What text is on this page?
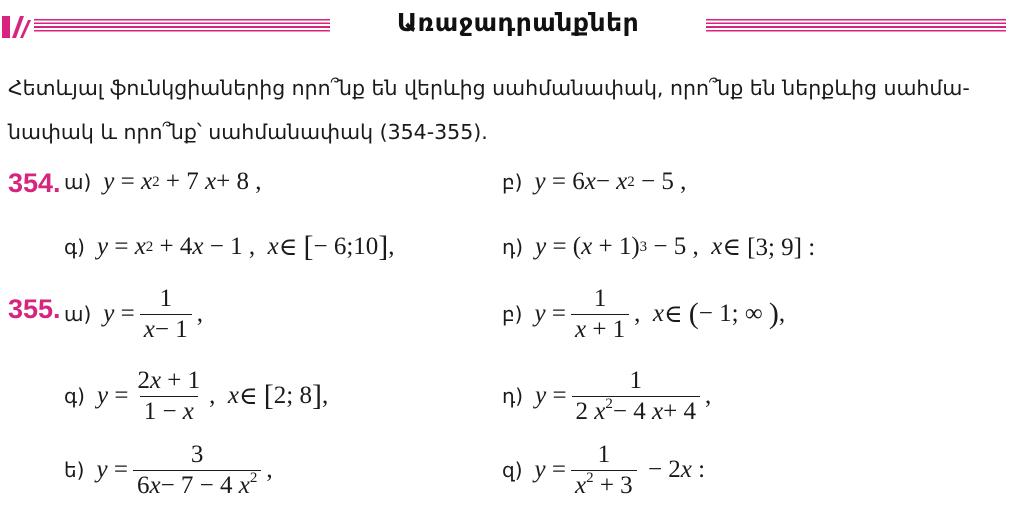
Առաջադրանքներ
Հետևյալ ֆունկցիաներից որո՞նք են վերևից սահմանափակ, որո՞նք են ներքևից սահմա-նափակ և որո՞նք՝ սահմանափակ (354-355).
354. ա) y = x 2 + 7 x + 8 ,	բ) y = 6 x − x 2 − 5 ,
գ) y = x 2 + 4 x − 1 , x ∈ [ − 6;10 ] ,	դ) y = ( x + 1) 3 − 5 , x ∈ [3; 9] :
355. ա) $y = \frac{1}{x- 1}$ ,	բ) $y = \frac{1}{x + 1}$ , x ∈ ( − 1; ∞ ) ,
գ) $y = \frac{2x + 1}{1 - x}$ , x ∈ [ 2; 8 ] ,	դ) $y = \frac{1}{2 x^2- 4 x+ 4}$ ,
ե) $y = \frac{3}{6x- 7 - 4 x^2}$ ,	զ) $y = \frac{1}{x^2 + 3} - 2$ x :
